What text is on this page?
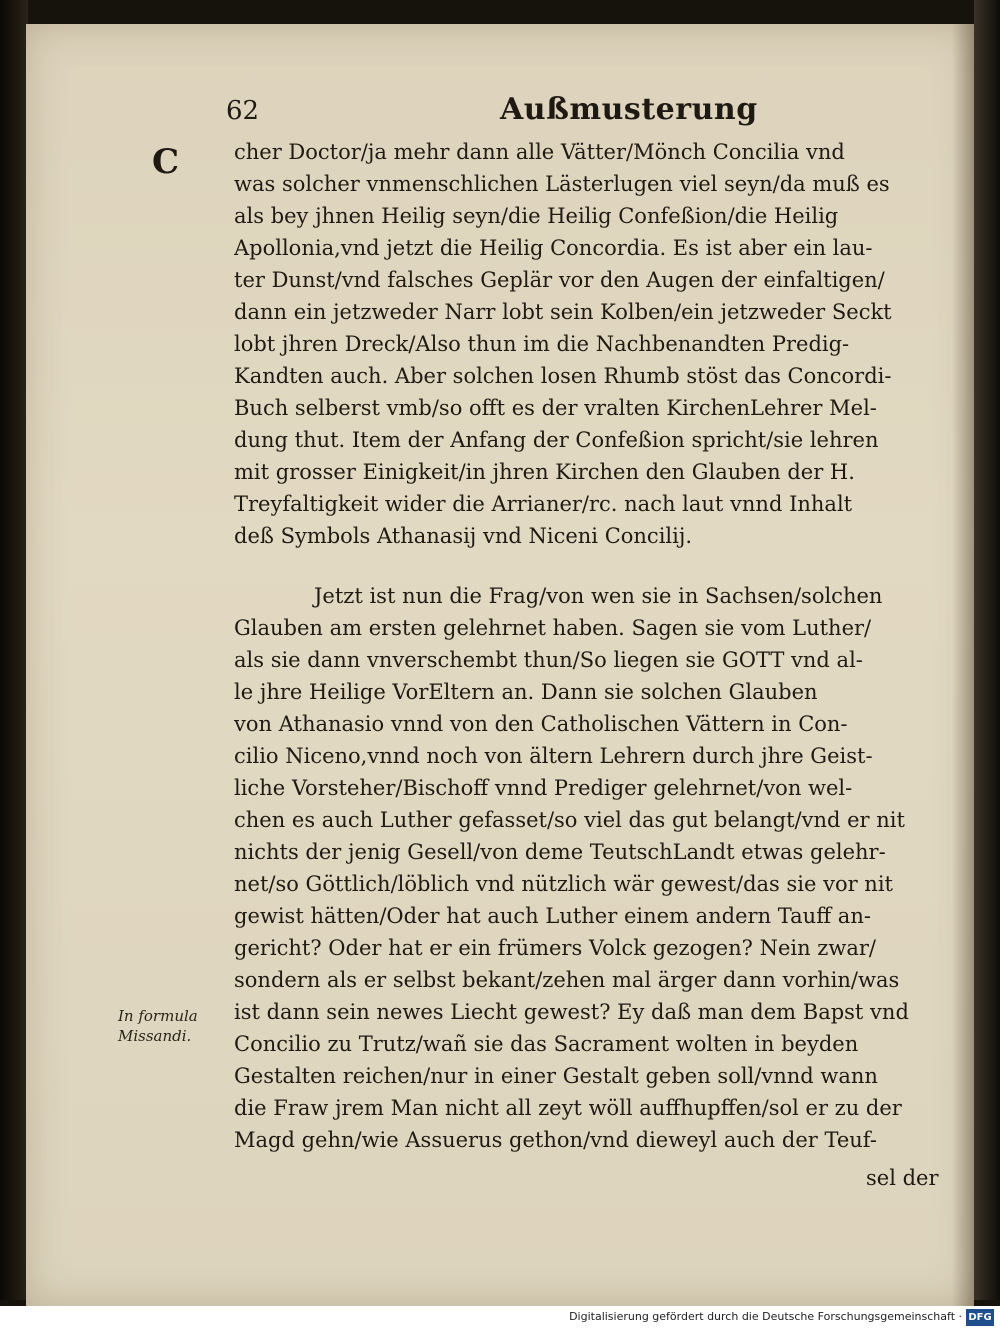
62	Außmusterung
C	cher Doctor/ja mehr dann alle Vätter/Mönch Concilia vnd
was solcher vnmenschlichen Lästerlugen viel seyn/da muß es
als bey jhnen Heilig seyn/die Heilig Confeßion/die Heilig
Apollonia,vnd jetzt die Heilig Concordia. Es ist aber ein lau-
ter Dunst/vnd falsches Geplär vor den Augen der einfaltigen/
dann ein jetzweder Narr lobt sein Kolben/ein jetzweder Seckt
lobt jhren Dreck/Also thun im die Nachbenandten Predig-
Kandten auch. Aber solchen losen Rhumb stöst das Concordi-
Buch selberst vmb/so offt es der vralten KirchenLehrer Mel-
dung thut. Item der Anfang der Confeßion spricht/sie lehren
mit grosser Einigkeit/in jhren Kirchen den Glauben der H.
Treyfaltigkeit wider die Arrianer/rc. nach laut vnnd Inhalt
deß Symbols Athanasij vnd Niceni Concilij.
Jetzt ist nun die Frag/von wen sie in Sachsen/solchen
Glauben am ersten gelehrnet haben. Sagen sie vom Luther/
als sie dann vnverschembt thun/So liegen sie GOTT vnd al-
le jhre Heilige VorEltern an. Dann sie solchen Glauben
von Athanasio vnnd von den Catholischen Vättern in Con-
cilio Niceno,vnnd noch von ältern Lehrern durch jhre Geist-
liche Vorsteher/Bischoff vnnd Prediger gelehrnet/von wel-
chen es auch Luther gefasset/so viel das gut belangt/vnd er nit
nichts der jenig Gesell/von deme TeutschLandt etwas gelehr-
net/so Göttlich/löblich vnd nützlich wär gewest/das sie vor nit
gewist hätten/Oder hat auch Luther einem andern Tauff an-
gericht? Oder hat er ein frümers Volck gezogen? Nein zwar/
sondern als er selbst bekant/zehen mal ärger dann vorhin/was
ist dann sein newes Liecht gewest? Ey daß man dem Bapst vnd
Concilio zu Trutz/wañ sie das Sacrament wolten in beyden
Gestalten reichen/nur in einer Gestalt geben soll/vnnd wann
die Fraw jrem Man nicht all zeyt wöll auffhupffen/sol er zu der
Magd gehn/wie Assuerus gethon/vnd dieweyl auch der Teuf-
In formula
Missandi.
sel der
Digitalisierung gefördert durch die Deutsche Forschungsgemeinschaft · DFG
